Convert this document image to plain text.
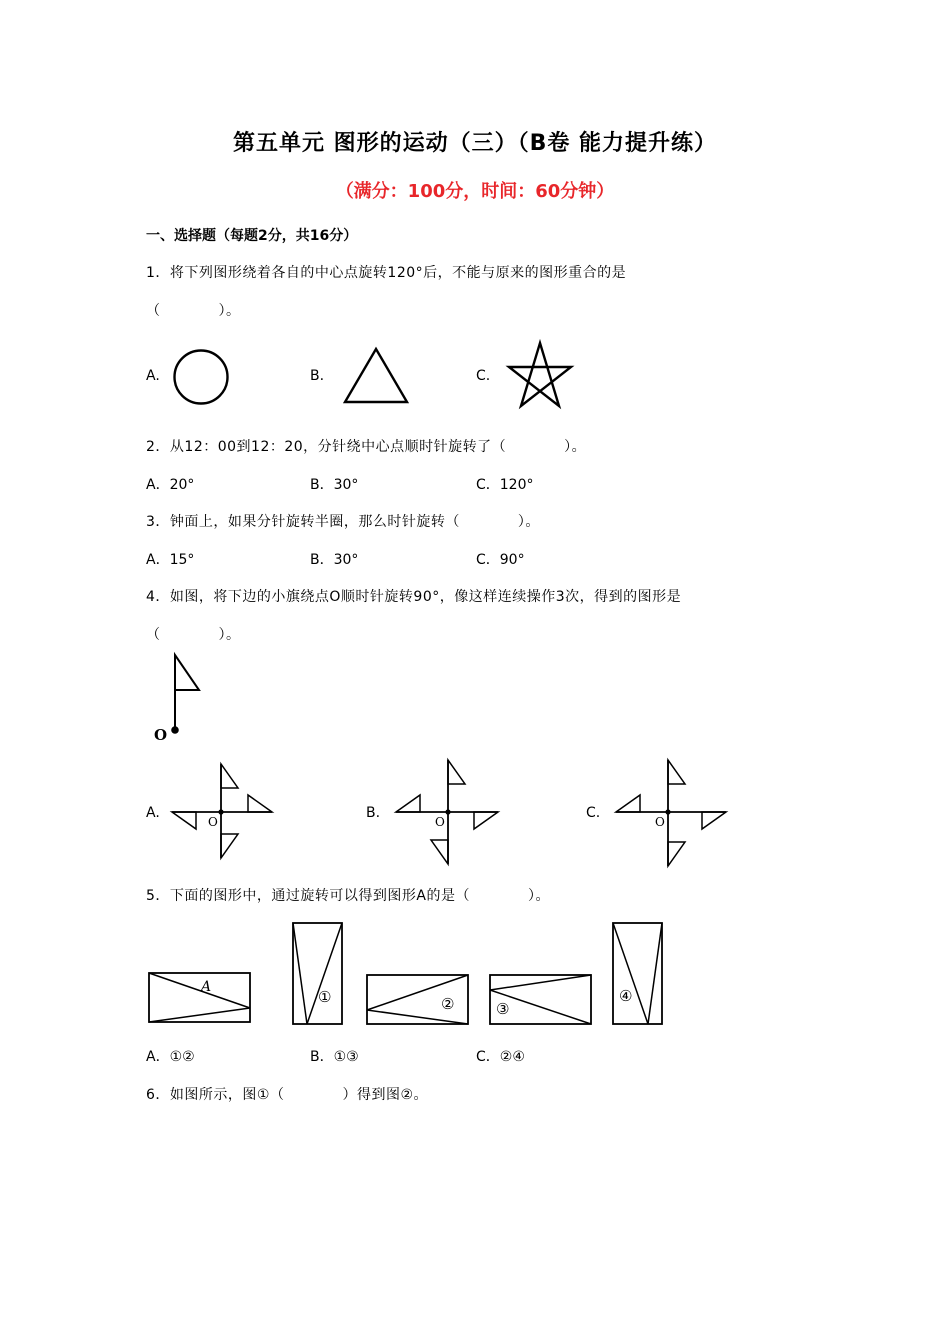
第五单元 图形的运动（三）（B卷 能力提升练）
（满分：100分，时间：60分钟）
一、选择题（每题2分，共16分）
1．将下列图形绕着各自的中心点旋转120°后，不能与原来的图形重合的是
（　　　　）。
A.	B.	C.
2．从12：00到12：20，分针绕中心点顺时针旋转了（　　　　）。
A．20°	B．30°	C．120°
3．钟面上，如果分针旋转半圈，那么时针旋转（　　　　）。
A．15°	B．30°	C．90°
4．如图，将下边的小旗绕点O顺时针旋转90°，像这样连续操作3次，得到的图形是
（　　　　）。
O
A.
O
B.
O
C.
O
5．下面的图形中，通过旋转可以得到图形A的是（　　　　）。
A
①	②	③
④
A．①②	B．①③	C．②④
6．如图所示，图①（　　　　）得到图②。
